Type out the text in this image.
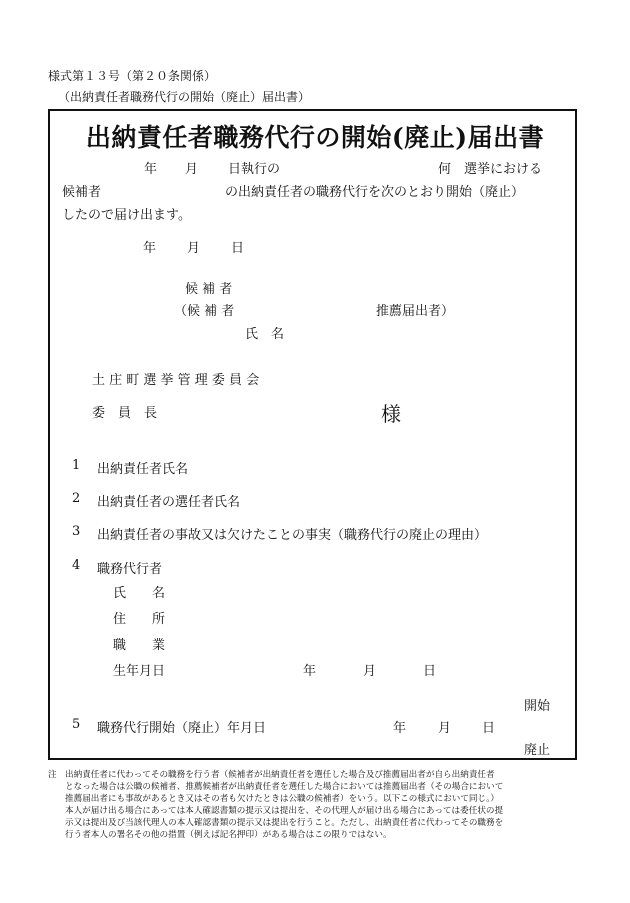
様式第１３号（第２０条関係）
（出納責任者職務代行の開始（廃止）届出書）
出納責任者職務代行の開始(廃止)届出書
年 月 日執行の	何　選挙における
候補者	の出納責任者の職務代行を次のとおり開始（廃止）
したので届け出ます。
年 月 日
候 補 者
（候 補 者	推薦届出者）
氏　名
土 庄 町 選 挙 管 理 委 員 会
委　員　長	様
1 出納責任者氏名
2 出納責任者の選任者氏名
3 出納責任者の事故又は欠けたことの事実（職務代行の廃止の理由）
4 職務代行者
氏　　名
住　　所
職　　業
生年月日	年	月	日
開始
5 職務代行開始（廃止）年月日	年 月 日
廃止
注 出納責任者に代わってその職務を行う者（候補者が出納責任者を選任した場合及び推薦届出者が自ら出納責任者
となった場合は公職の候補者、推薦候補者が出納責任者を選任した場合においては推薦届出者（その場合において
推薦届出者にも事故があるとき又はその者も欠けたときは公職の候補者）をいう。以下この様式において同じ。）
本人が届け出る場合にあっては本人確認書類の提示又は提出を、その代理人が届け出る場合にあっては委任状の提
示又は提出及び当該代理人の本人確認書類の提示又は提出を行うこと。ただし、出納責任者に代わってその職務を
行う者本人の署名その他の措置（例えば記名押印）がある場合はこの限りではない。
